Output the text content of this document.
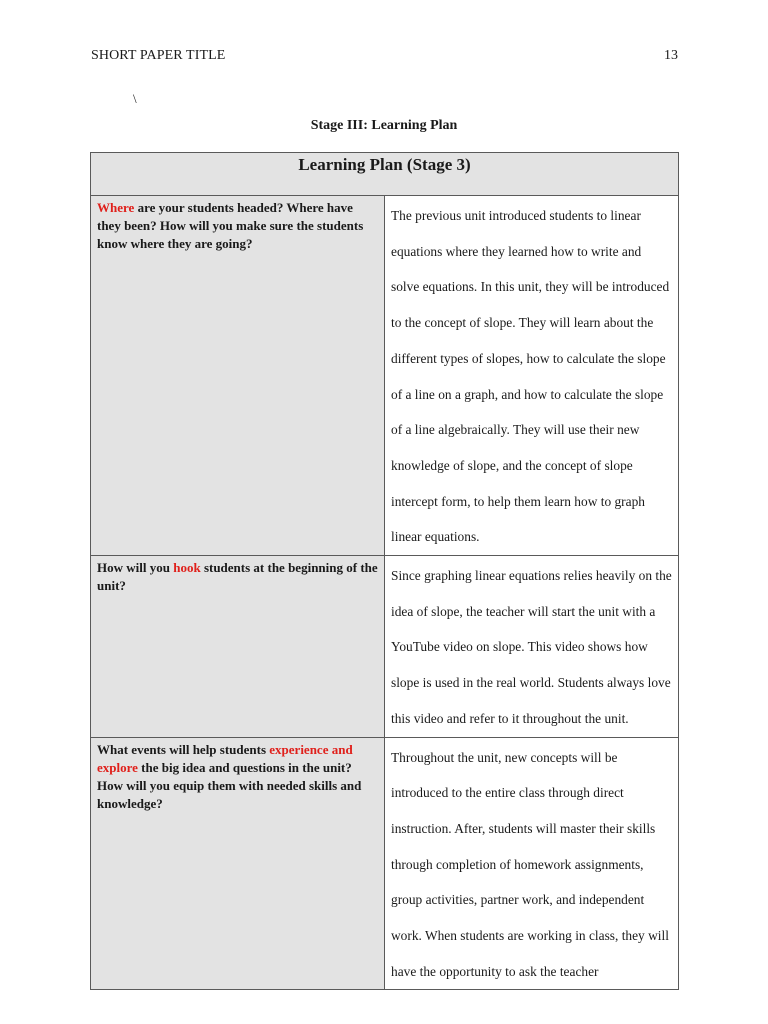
SHORT PAPER TITLE	13
\
Stage III: Learning Plan
Learning Plan (Stage 3)	

Where are your students headed? Where have they been? How will you make sure the students know where they are going?	The previous unit introduced students to linear equations where they learned how to write and solve equations. In this unit, they will be introduced to the concept of slope. They will learn about the different types of slopes, how to calculate the slope of a line on a graph, and how to calculate the slope of a line algebraically. They will use their new knowledge of slope, and the concept of slope intercept form, to help them learn how to graph linear equations.
How will you hook students at the beginning of the unit?	Since graphing linear equations relies heavily on the idea of slope, the teacher will start the unit with a YouTube video on slope. This video shows how slope is used in the real world. Students always love this video and refer to it throughout the unit.
What events will help students experience and explore the big idea and questions in the unit? How will you equip them with needed skills and knowledge?	Throughout the unit, new concepts will be introduced to the entire class through direct instruction. After, students will master their skills through completion of homework assignments, group activities, partner work, and independent work. When students are working in class, they will have the opportunity to ask the teacher
